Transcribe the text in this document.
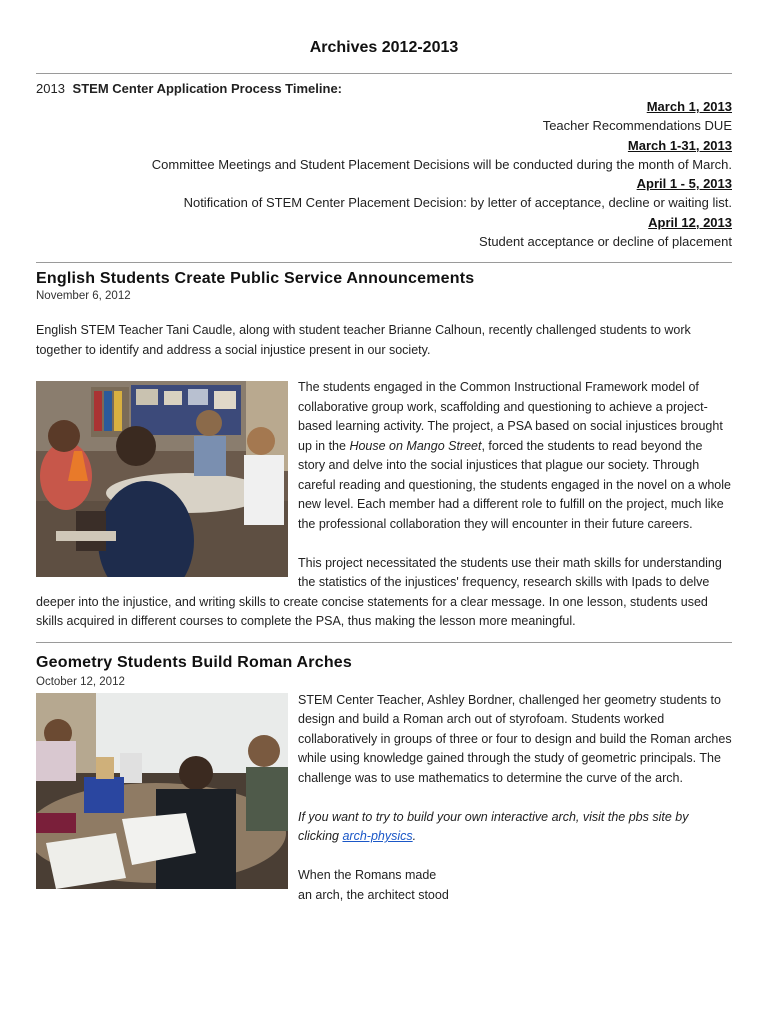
Archives 2012-2013
2013 STEM Center Application Process Timeline:
March 1, 2013
Teacher Recommendations DUE
March 1-31, 2013
Committee Meetings and Student Placement Decisions will be conducted during the month of March.
April 1 - 5, 2013
Notification of STEM Center Placement Decision: by letter of acceptance, decline or waiting list.
April 12, 2013
Student acceptance or decline of placement
English Students Create Public Service Announcements
November 6, 2012

English STEM Teacher Tani Caudle, along with student teacher Brianne Calhoun, recently challenged students to work together to identify and address a social injustice present in our society.

The students engaged in the Common Instructional Framework model of collaborative group work, scaffolding and questioning to achieve a project-based learning activity. The project, a PSA based on social injustices brought up in the House on Mango Street, forced the students to read beyond the story and delve into the social injustices that plague our society. Through careful reading and questioning, the students engaged in the novel on a whole new level. Each member had a different role to fulfill on the project, much like the professional collaboration they will encounter in their future careers.

This project necessitated the students use their math skills for understanding the statistics of the injustices' frequency, research skills with Ipads to delve deeper into the injustice, and writing skills to create concise statements for a clear message. In one lesson, students used skills acquired in different courses to complete the PSA, thus making the lesson more meaningful.

Geometry Students Build Roman Arches
October 12, 2012

STEM Center Teacher, Ashley Bordner, challenged her geometry students to design and build a Roman arch out of styrofoam. Students worked collaboratively in groups of three or four to design and build the Roman arches while using knowledge gained through the study of geometric principals. The challenge was to use mathematics to determine the curve of the arch.

If you want to try to build your own interactive arch, visit the pbs site by clicking arch-physics.

When the Romans made
an arch, the architect stood
